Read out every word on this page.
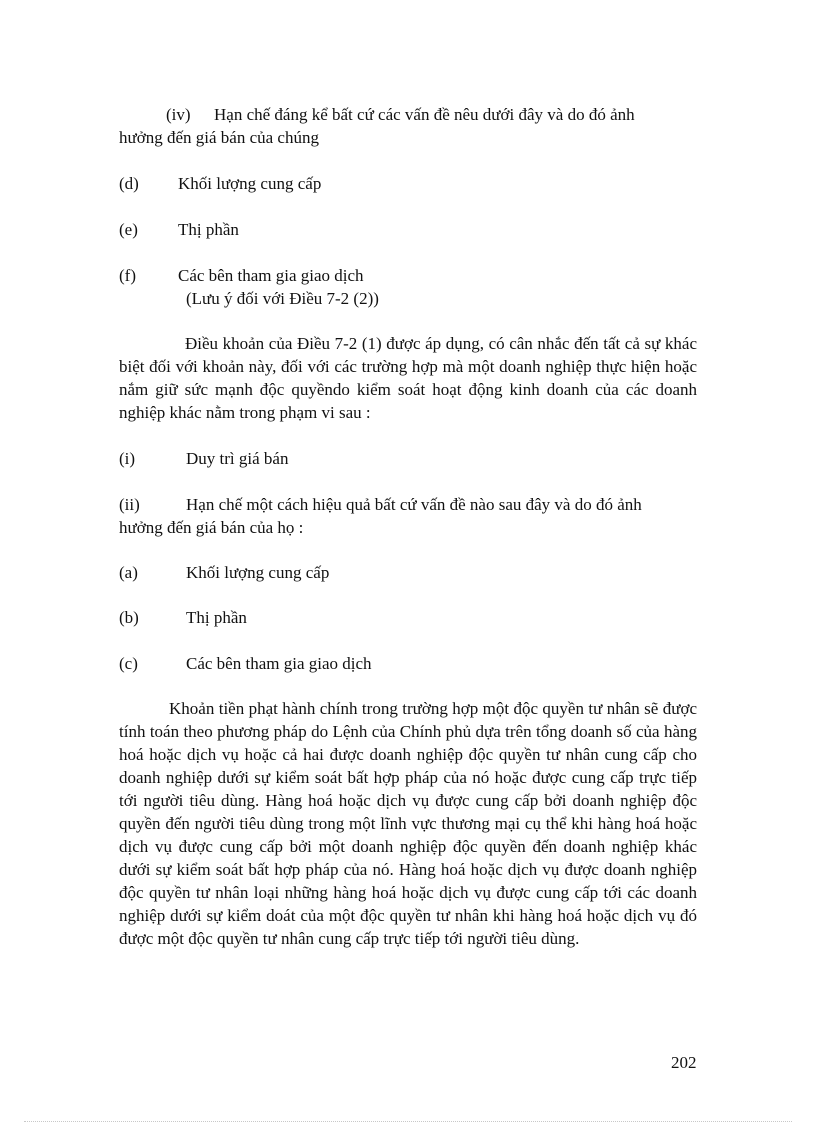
(iv) Hạn chế đáng kể bất cứ các vấn đề nêu dưới đây và do đó ảnh
hưởng đến giá bán của chúng
(d) Khối lượng cung cấp
(e) Thị phần
(f) Các bên tham gia giao dịch
(Lưu ý đối với Điều 7-2 (2))

Điều khoản của Điều 7-2 (1) được áp dụng, có cân nhắc đến tất cả sự khác biệt đối với khoản này, đối với các trường hợp mà một doanh nghiệp thực hiện hoặc nắm giữ sức mạnh độc quyềndo kiểm soát hoạt động kinh doanh của các doanh nghiệp khác nằm trong phạm vi sau :

(i)	Duy trì giá bán
(ii)	Hạn chế một cách hiệu quả bất cứ vấn đề nào sau đây và do đó ảnh
hưởng đến giá bán của họ :
(a)	Khối lượng cung cấp
(b)	Thị phần
(c)	Các bên tham gia giao dịch

Khoản tiền phạt hành chính trong trường hợp một độc quyền tư nhân sẽ được tính toán theo phương pháp do Lệnh của Chính phủ dựa trên tổng doanh số của hàng hoá hoặc dịch vụ hoặc cả hai được doanh nghiệp độc quyền tư nhân cung cấp cho doanh nghiệp dưới sự kiểm soát bất hợp pháp của nó hoặc được cung cấp trực tiếp tới người tiêu dùng. Hàng hoá hoặc dịch vụ được cung cấp bởi doanh nghiệp độc quyền đến người tiêu dùng trong một lĩnh vực thương mại cụ thể khi hàng hoá hoặc dịch vụ được cung cấp bởi một doanh nghiệp độc quyền đến doanh nghiệp khác dưới sự kiểm soát bất hợp pháp của nó. Hàng hoá hoặc dịch vụ được doanh nghiệp độc quyền tư nhân loại những hàng hoá hoặc dịch vụ được cung cấp tới các doanh nghiệp dưới sự kiểm doát của một độc quyền tư nhân khi hàng hoá hoặc dịch vụ đó được một độc quyền tư nhân cung cấp trực tiếp tới người tiêu dùng.

202
